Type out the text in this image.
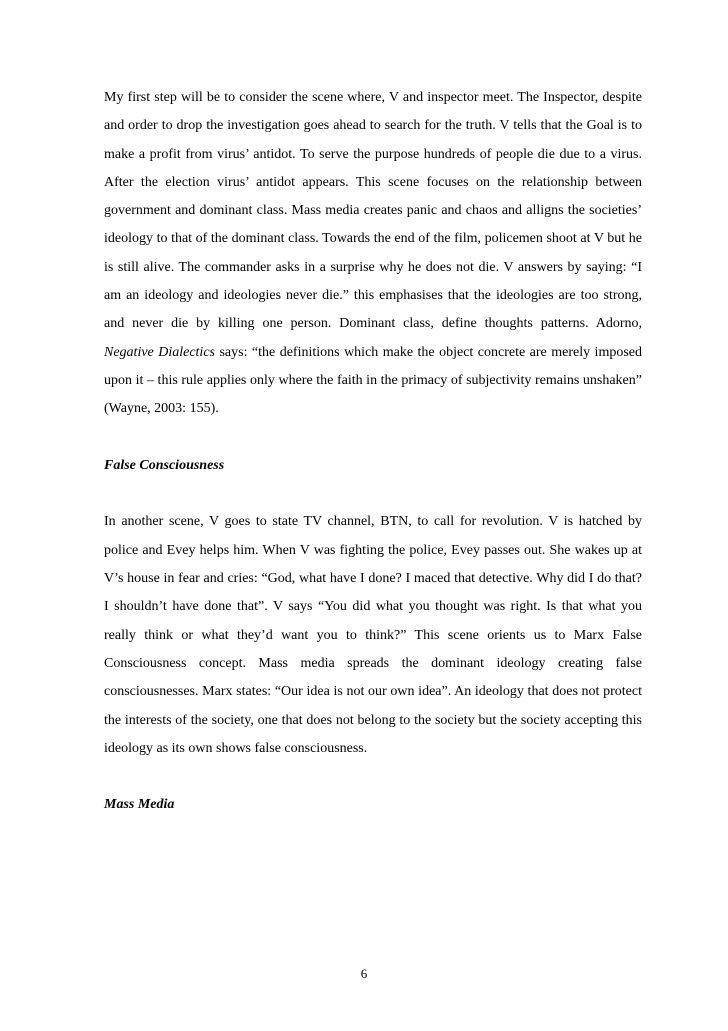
My first step will be to consider the scene where, V and inspector meet. The Inspector, despite and order to drop the investigation goes ahead to search for the truth. V tells that the Goal is to make a profit from virus’ antidot. To serve the purpose hundreds of people die due to a virus. After the election virus’ antidot appears. This scene focuses on the relationship between government and dominant class. Mass media creates panic and chaos and alligns the societies’ ideology to that of the dominant class. Towards the end of the film, policemen shoot at V but he is still alive. The commander asks in a surprise why he does not die. V answers by saying: “I am an ideology and ideologies never die.” this emphasises that the ideologies are too strong, and never die by killing one person. Dominant class, define thoughts patterns. Adorno, Negative Dialectics says: “the definitions which make the object concrete are merely imposed upon it – this rule applies only where the faith in the primacy of subjectivity remains unshaken” (Wayne, 2003: 155).

False Consciousness

In another scene, V goes to state TV channel, BTN, to call for revolution. V is hatched by police and Evey helps him. When V was fighting the police, Evey passes out. She wakes up at V’s house in fear and cries: “God, what have I done? I maced that detective. Why did I do that? I shouldn’t have done that”. V says “You did what you thought was right. Is that what you really think or what they’d want you to think?” This scene orients us to Marx False Consciousness concept. Mass media spreads the dominant ideology creating false consciousnesses. Marx states: “Our idea is not our own idea”. An ideology that does not protect the interests of the society, one that does not belong to the society but the society accepting this ideology as its own shows false consciousness.

Mass Media
6
